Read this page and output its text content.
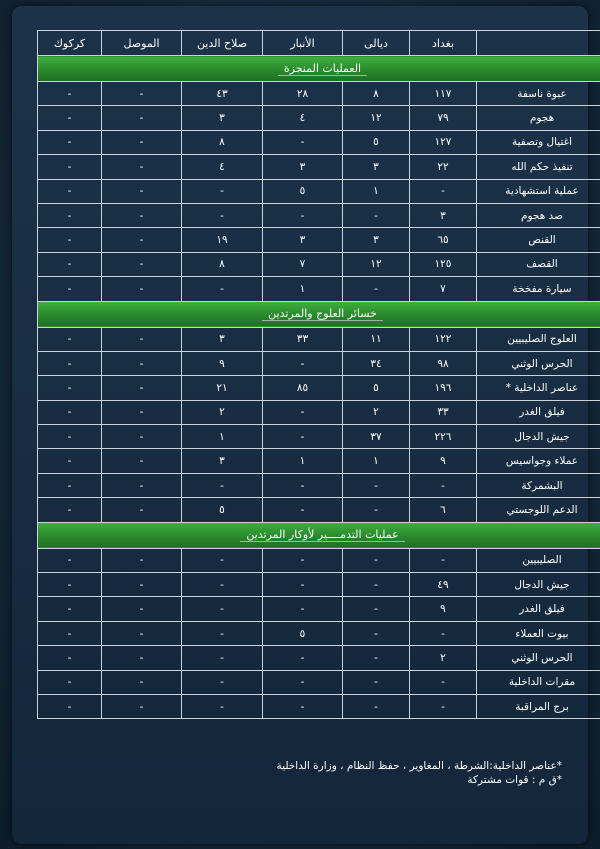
	بغداد	ديالى	الأنبار	صلاح الدين	الموصل	كركوك
العمليات المنجزة						
عبوة ناسفة	١١٧	٨	٢٨	٤٣	-	-
هجوم	٧٩	١٢	٤	٣	-	-
اغتيال وتصفية	١٢٧	٥	-	٨	-	-
تنفيذ حكم الله	٢٢	٣	٣	٤	-	-
عملية استشهادية	-	١	٥	-	-	-
صد هجوم	٣	-	-	-	-	-
القنص	٦٥	٣	٣	١٩	-	-
القصف	١٢٥	١٢	٧	٨	-	-
سيارة مفخخة	٧	-	١	-	-	-
خسائر العلوج والمرتدين						
العلوج الصليبيين	١٢٢	١١	٣٣	٣	-	-
الحرس الوثني	٩٨	٣٤	-	٩	-	-
عناصر الداخلية *	١٩٦	٥	٨٥	٢١	-	-
فيلق الغدر	٣٣	٢	-	٢	-	-
جيش الدجال	٢٢٦	٣٧	-	١	-	-
عملاء وجواسيس	٩	١	١	٣	-	-
البشمركة	-	-	-	-	-	-
الدعم اللوجستي	٦	-	-	٥	-	-
عمليات التدمــــير لأوكار المرتدين						
الصليبيين	-	-	-	-	-	-
جيش الدجال	٤٩	-	-	-	-	-
فيلق الغدر	٩	-	-	-	-	-
بيوت العملاء	-	-	٥	-	-	-
الحرس الوثني	٢	-	-	-	-	-
مقرات الداخلية	-	-	-	-	-	-
برج المراقبة	-	-	-	-	-	-
*عناصر الداخلية:الشرطة ، المغاوير ، حفظ النظام ، وزارة الداخلية
*ق م : قوات مشتركة
